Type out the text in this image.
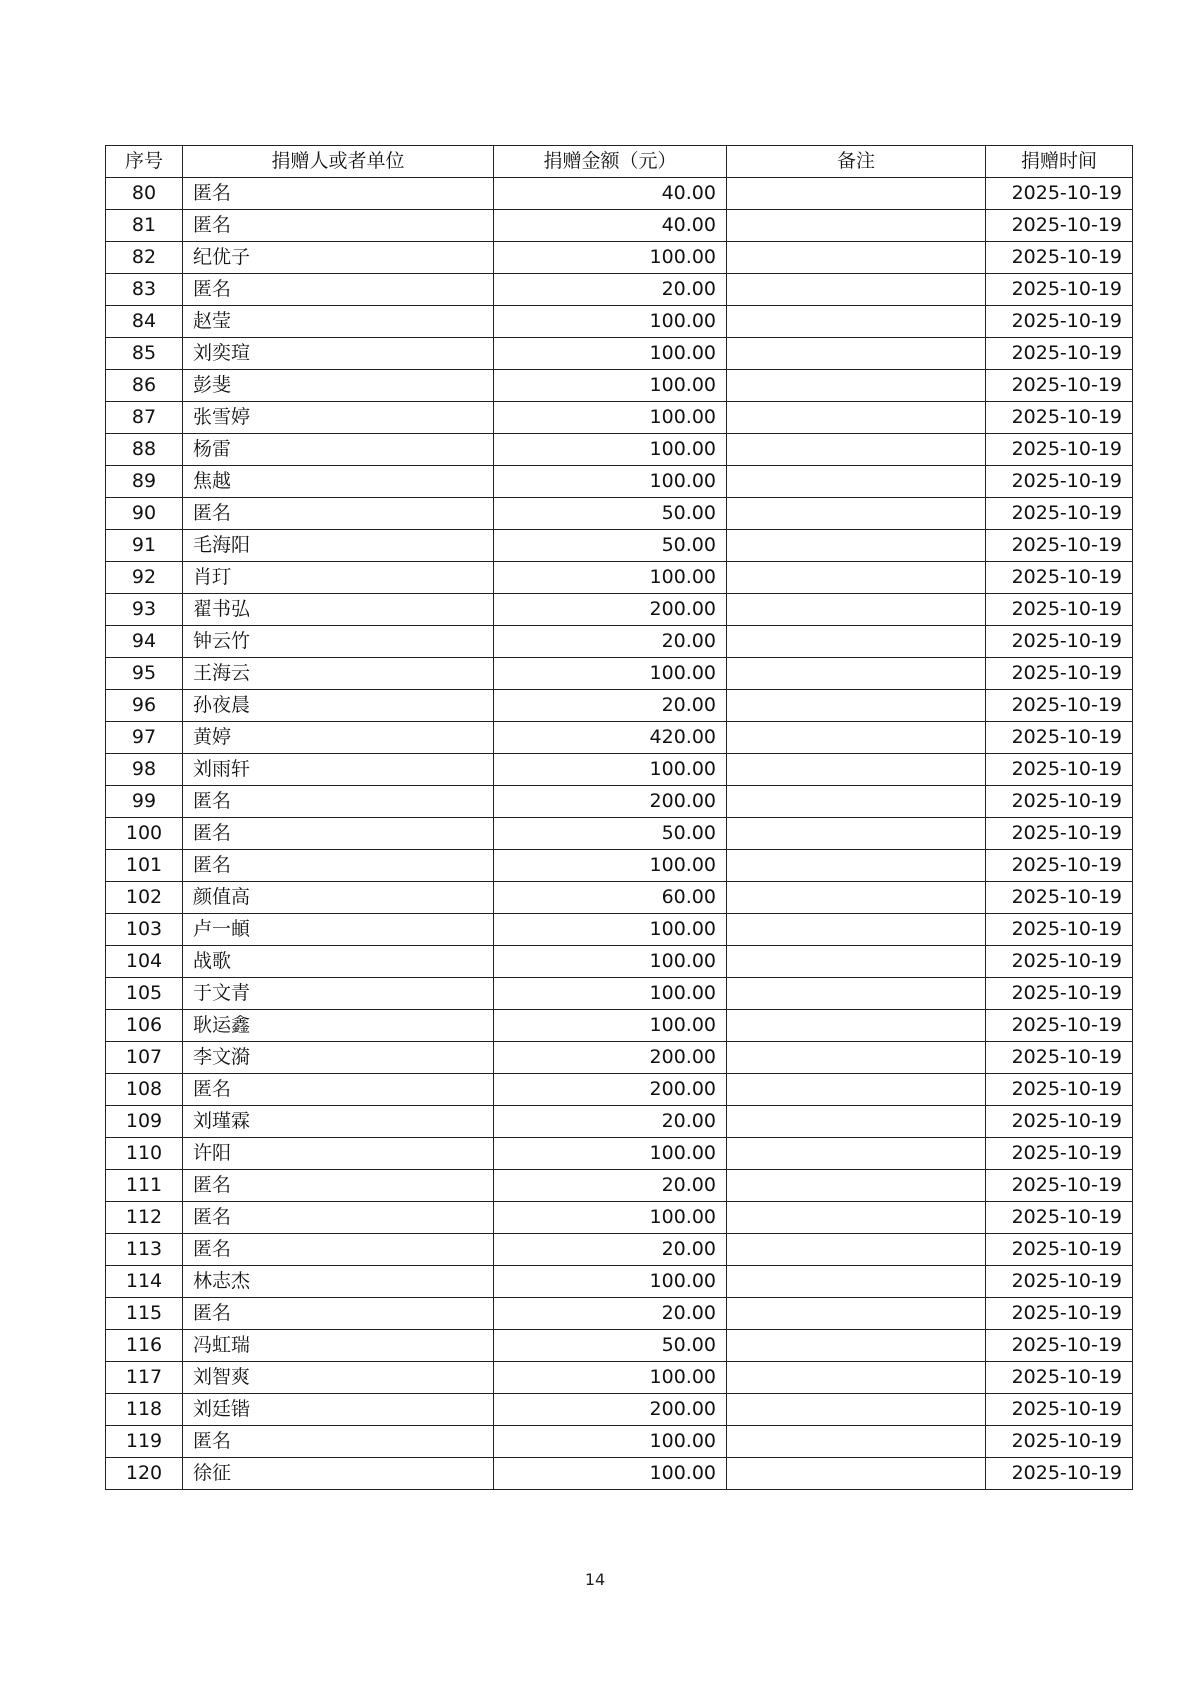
序号	捐赠人或者单位	捐赠金额（元）	备注	捐赠时间
80	匿名	40.00		2025-10-19
81	匿名	40.00		2025-10-19
82	纪优子	100.00		2025-10-19
83	匿名	20.00		2025-10-19
84	赵莹	100.00		2025-10-19
85	刘奕瑄	100.00		2025-10-19
86	彭斐	100.00		2025-10-19
87	张雪婷	100.00		2025-10-19
88	杨雷	100.00		2025-10-19
89	焦越	100.00		2025-10-19
90	匿名	50.00		2025-10-19
91	毛海阳	50.00		2025-10-19
92	肖玎	100.00		2025-10-19
93	翟书弘	200.00		2025-10-19
94	钟云竹	20.00		2025-10-19
95	王海云	100.00		2025-10-19
96	孙夜晨	20.00		2025-10-19
97	黄婷	420.00		2025-10-19
98	刘雨轩	100.00		2025-10-19
99	匿名	200.00		2025-10-19
100	匿名	50.00		2025-10-19
101	匿名	100.00		2025-10-19
102	颜值高	60.00		2025-10-19
103	卢一頔	100.00		2025-10-19
104	战歌	100.00		2025-10-19
105	于文青	100.00		2025-10-19
106	耿运鑫	100.00		2025-10-19
107	李文漪	200.00		2025-10-19
108	匿名	200.00		2025-10-19
109	刘瑾霖	20.00		2025-10-19
110	许阳	100.00		2025-10-19
111	匿名	20.00		2025-10-19
112	匿名	100.00		2025-10-19
113	匿名	20.00		2025-10-19
114	林志杰	100.00		2025-10-19
115	匿名	20.00		2025-10-19
116	冯虹瑞	50.00		2025-10-19
117	刘智爽	100.00		2025-10-19
118	刘廷锴	200.00		2025-10-19
119	匿名	100.00		2025-10-19
120	徐征	100.00		2025-10-19
14
